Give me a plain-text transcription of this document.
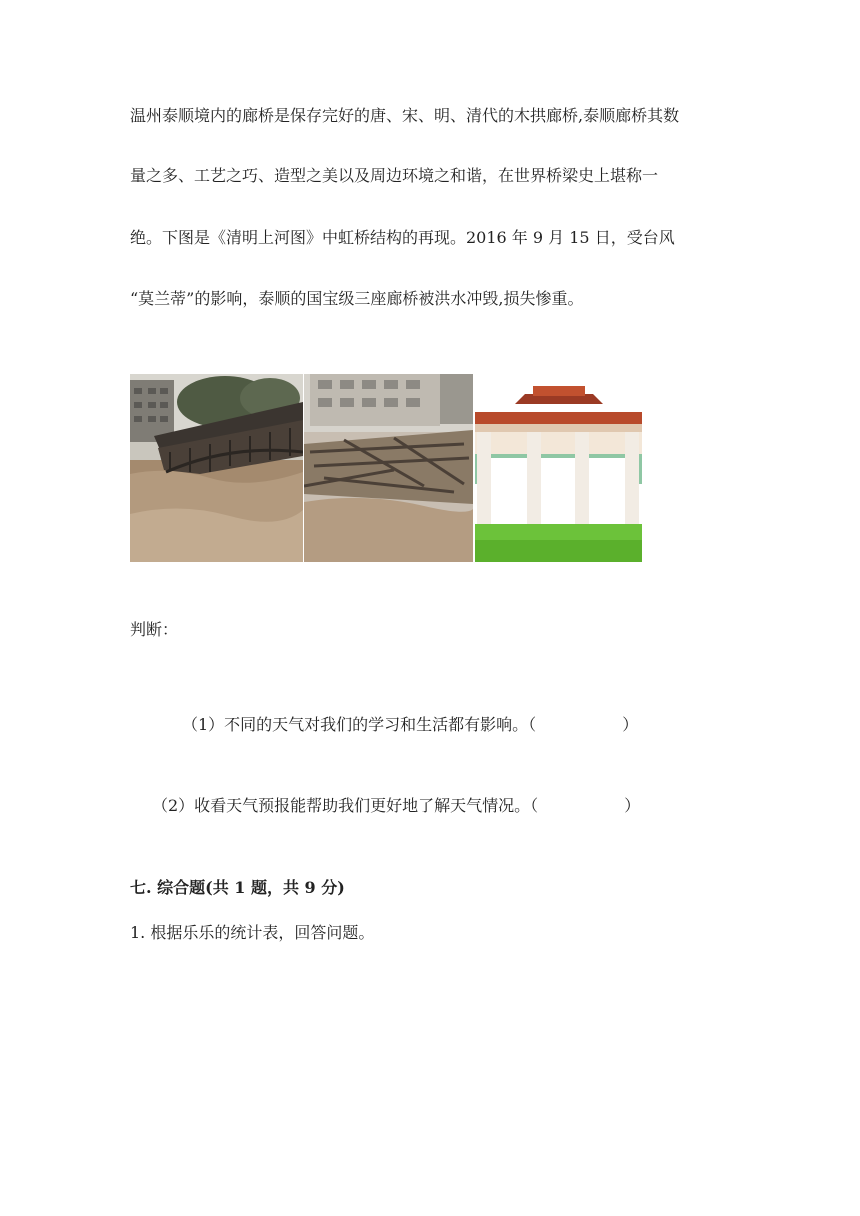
温州泰顺境内的廊桥是保存完好的唐、宋、明、清代的木拱廊桥,泰顺廊桥其数
量之多、工艺之巧、造型之美以及周边环境之和谐，在世界桥梁史上堪称一
绝。下图是《清明上河图》中虹桥结构的再现。2016 年 9 月 15 日，受台风
“莫兰蒂”的影响，泰顺的国宝级三座廊桥被洪水冲毁,损失惨重。
判断：
（1）不同的天气对我们的学习和生活都有影响。（	）
（2）收看天气预报能帮助我们更好地了解天气情况。（	）
七. 综合题(共 1 题，共 9 分)
1. 根据乐乐的统计表，回答问题。
